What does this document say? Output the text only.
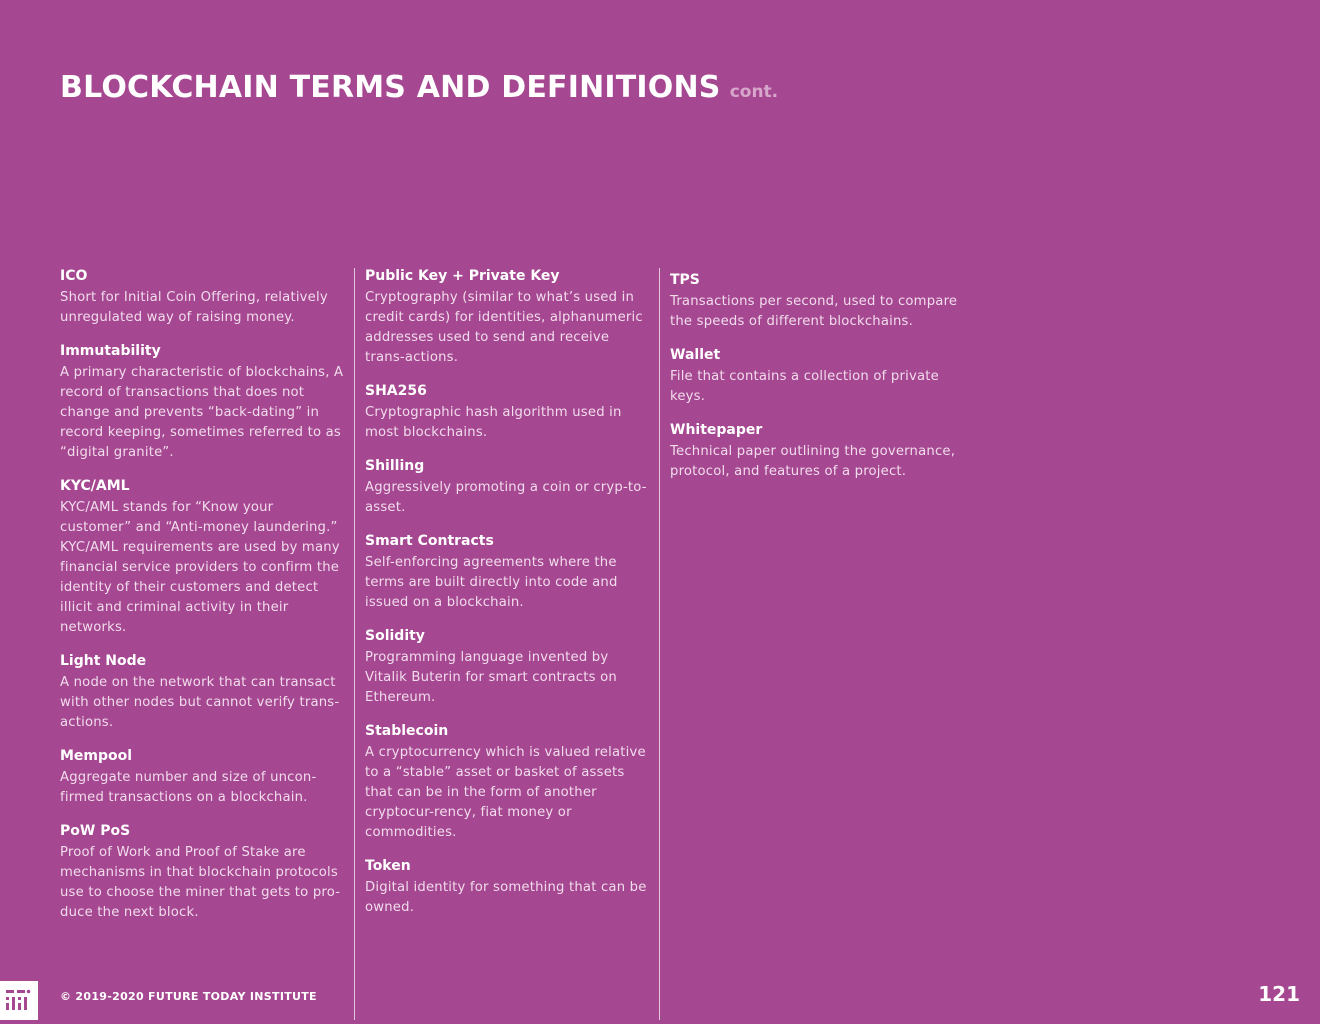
BLOCKCHAIN TERMS AND DEFINITIONS cont.
ICO
Short for Initial Coin Offering, relatively unregulated way of raising money.
Immutability
A primary characteristic of blockchains, A record of transactions that does not change and prevents “back-dating” in record keeping, sometimes referred to as “digital granite”.
KYC/AML
KYC/AML stands for “Know your customer” and “Anti-money laundering.” KYC/AML requirements are used by many financial service providers to confirm the identity of their customers and detect illicit and criminal activity in their networks.
Light Node
A node on the network that can transact with other nodes but cannot verify trans-actions.
Mempool
Aggregate number and size of uncon-firmed transactions on a blockchain.
PoW PoS
Proof of Work and Proof of Stake are mechanisms in that blockchain protocols use to choose the miner that gets to pro-duce the next block.
Public Key + Private Key
Cryptography (similar to what’s used in credit cards) for identities, alphanumeric addresses used to send and receive trans-actions.
SHA256
Cryptographic hash algorithm used in most blockchains.
Shilling
Aggressively promoting a coin or cryp-to-asset.
Smart Contracts
Self-enforcing agreements where the terms are built directly into code and issued on a blockchain.
Solidity
Programming language invented by Vitalik Buterin for smart contracts on Ethereum.
Stablecoin
A cryptocurrency which is valued relative to a “stable” asset or basket of assets that can be in the form of another cryptocur-rency, fiat money or commodities.
Token
Digital identity for something that can be owned.
TPS
Transactions per second, used to compare the speeds of different blockchains.
Wallet
File that contains a collection of private keys.
Whitepaper
Technical paper outlining the governance, protocol, and features of a project.
© 2019-2020 FUTURE TODAY INSTITUTE	121
